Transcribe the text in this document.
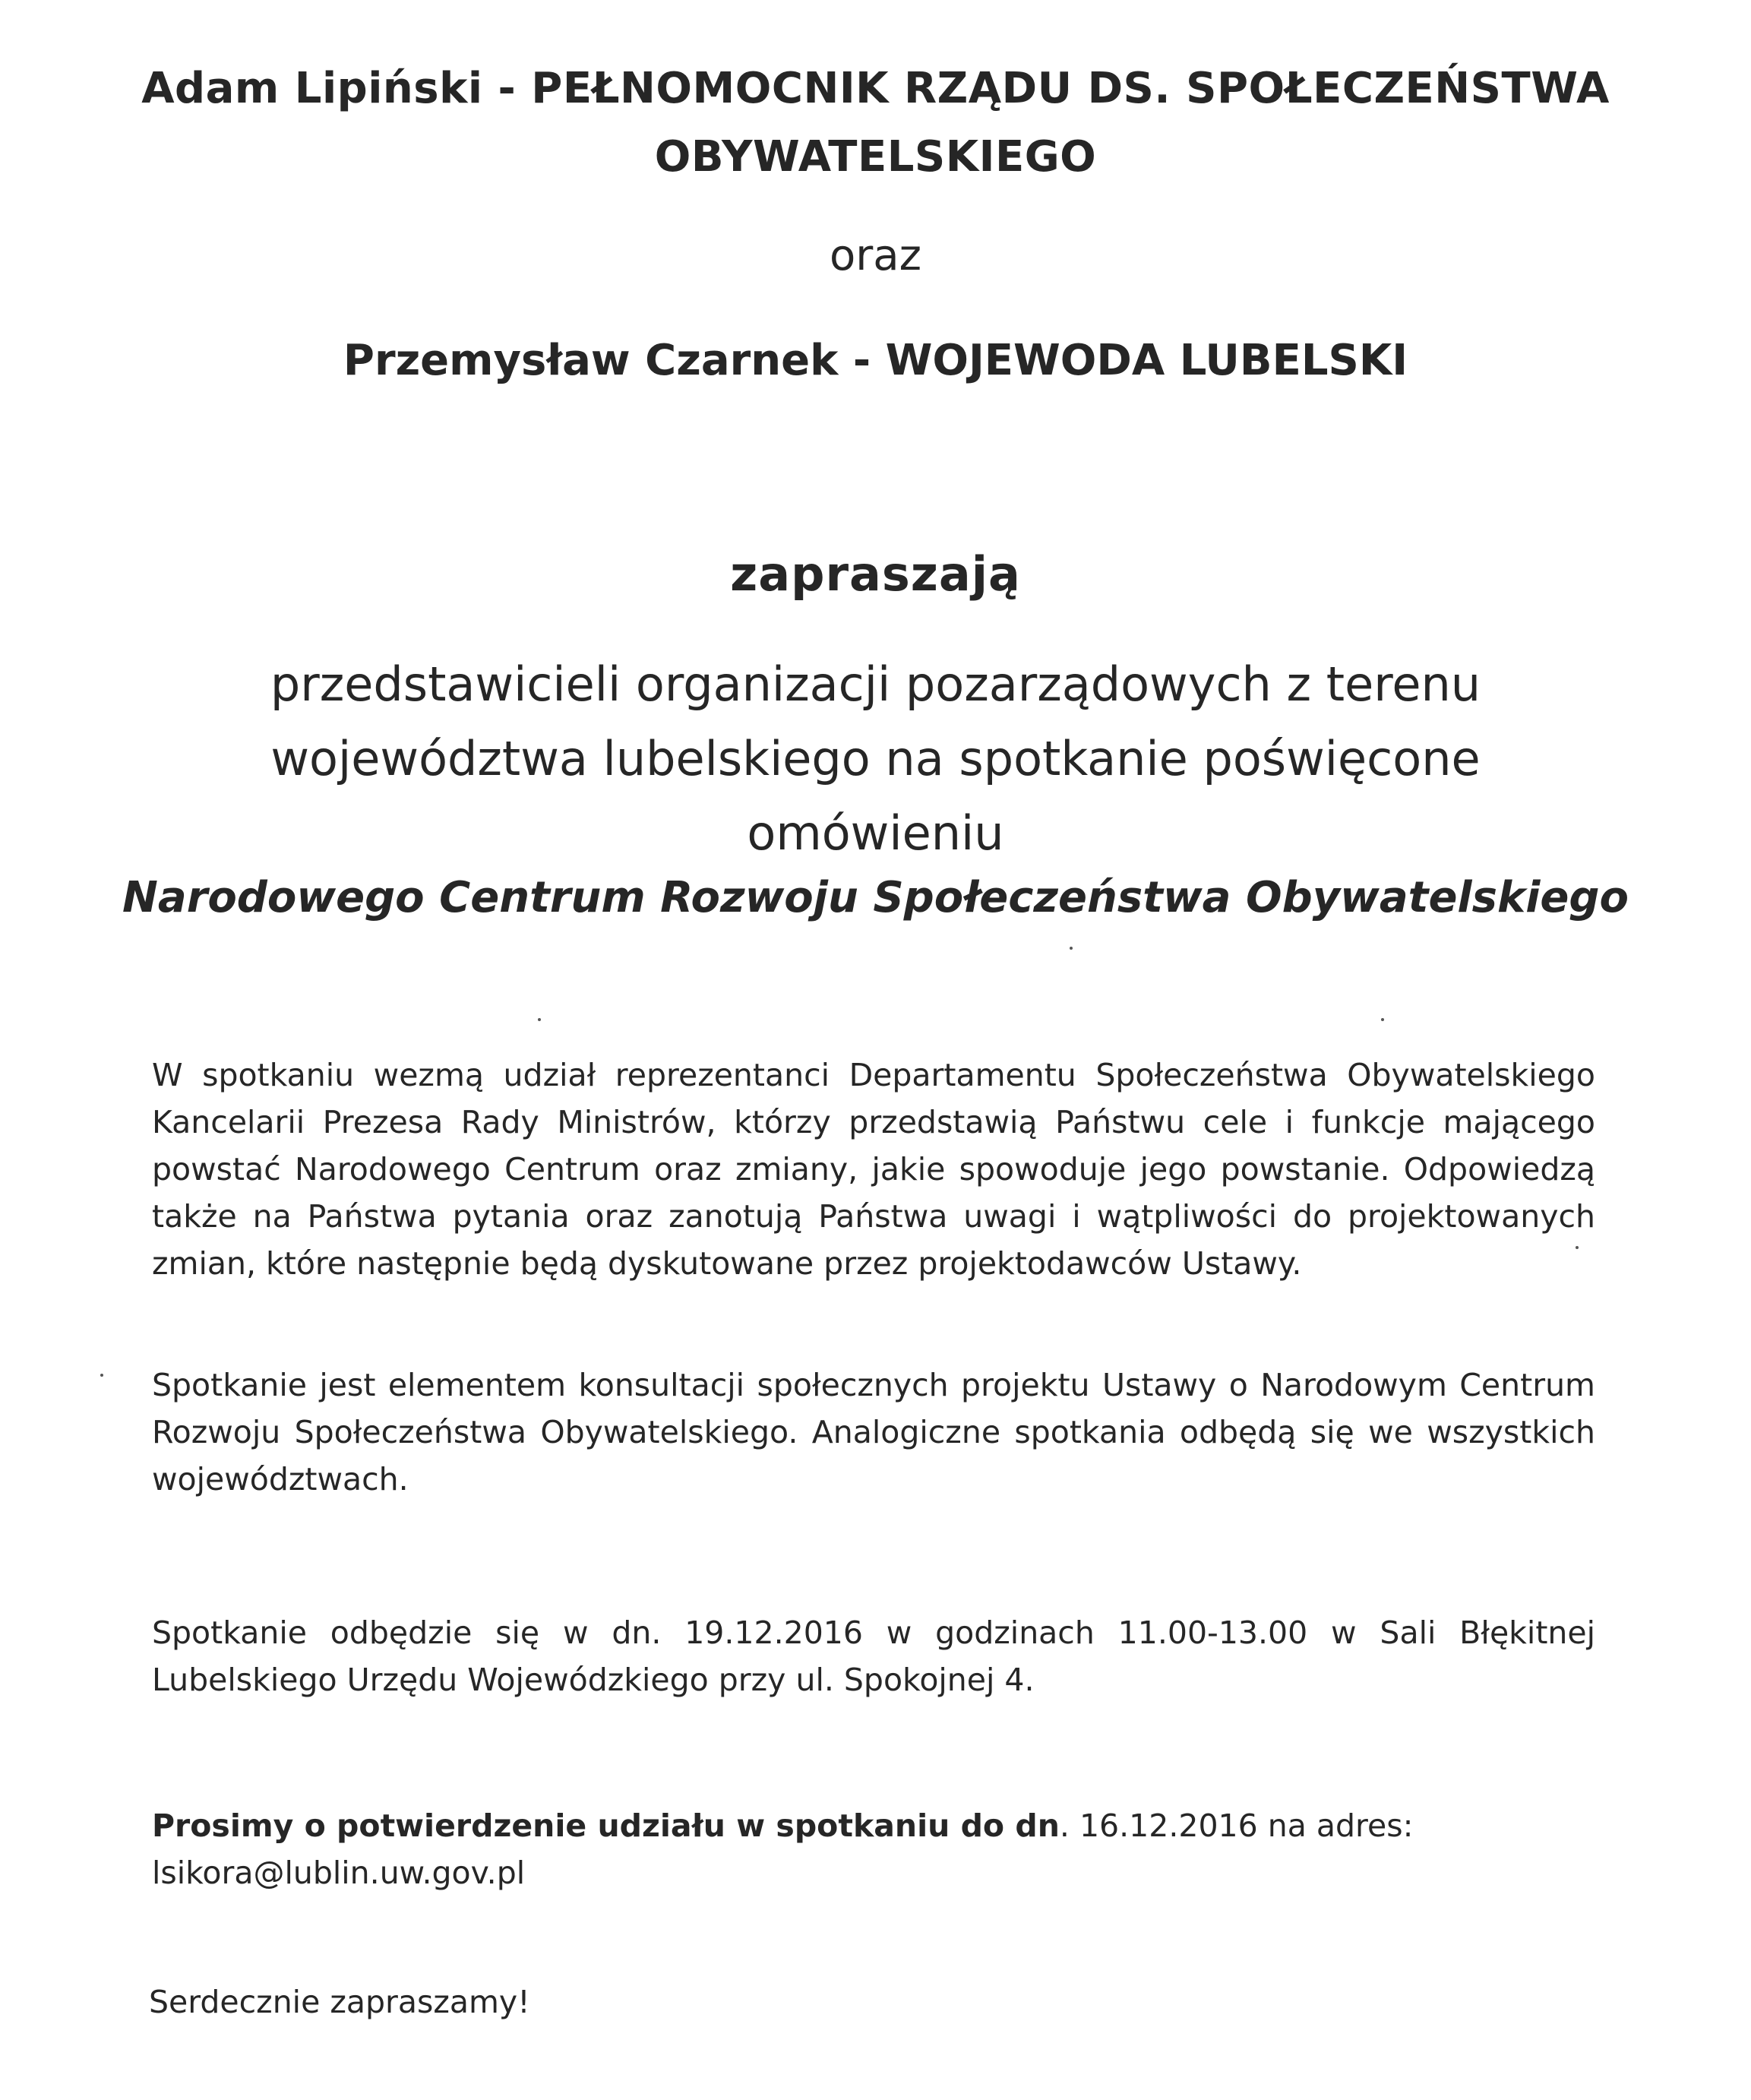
Adam Lipiński - PEŁNOMOCNIK RZĄDU DS. SPOŁECZEŃSTWA
OBYWATELSKIEGO
oraz
Przemysław Czarnek - WOJEWODA LUBELSKI
zapraszają
przedstawicieli organizacji pozarządowych z terenu
województwa lubelskiego na spotkanie poświęcone
omówieniu
Narodowego Centrum Rozwoju Społeczeństwa Obywatelskiego
W spotkaniu wezmą udział reprezentanci Departamentu Społeczeństwa Obywatelskiego
Kancelarii Prezesa Rady Ministrów, którzy przedstawią Państwu cele i funkcje mającego
powstać Narodowego Centrum oraz zmiany, jakie spowoduje jego powstanie. Odpowiedzą
także na Państwa pytania oraz zanotują Państwa uwagi i wątpliwości do projektowanych
zmian, które następnie będą dyskutowane przez projektodawców Ustawy.
Spotkanie jest elementem konsultacji społecznych projektu Ustawy o Narodowym Centrum
Rozwoju Społeczeństwa Obywatelskiego. Analogiczne spotkania odbędą się we wszystkich
województwach.
Spotkanie odbędzie się w dn. 19.12.2016 w godzinach 11.00-13.00 w Sali Błękitnej
Lubelskiego Urzędu Wojewódzkiego przy ul. Spokojnej 4.
Prosimy o potwierdzenie udziału w spotkaniu do dn. 16.12.2016 na adres:
lsikora@lublin.uw.gov.pl
Serdecznie zapraszamy!
